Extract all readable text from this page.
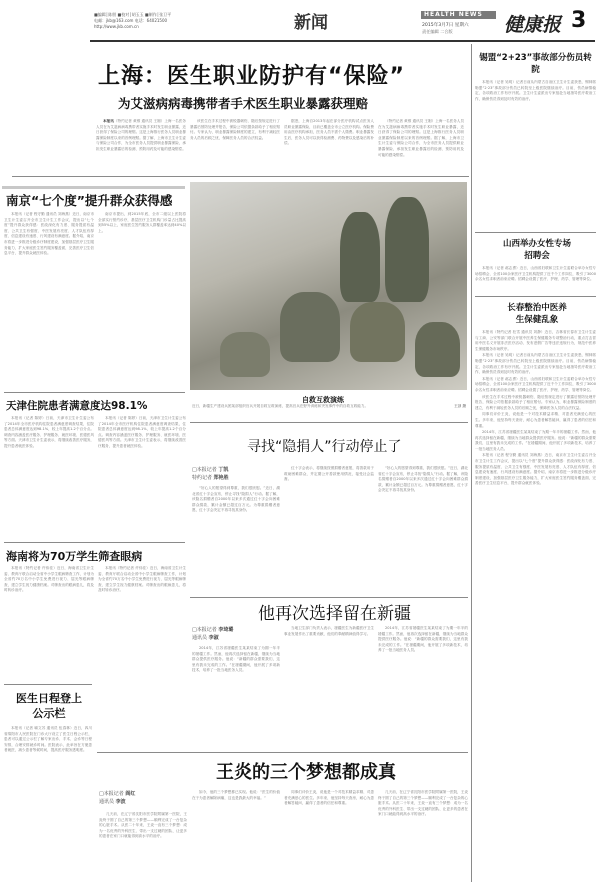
■编辑│陈朋 ■校对│胡玉玉 ■制作│张卫平
电邮：jkb@163.com 电话：64021500
http://www.jkb.com.cn	新闻	HEALTH NEWS
2015年3月7日 星期六
责任编辑 二合版	健康报 3
上海：医生职业防护有“保险”
为艾滋病病毒携带者手术医生职业暴露获理赔

本报讯（特约记者 黄维 通讯员 王刚）上海一名医务人员在为艾滋病病毒携带者实施手术时发生职业暴露，近日获得了保险公司的理赔。这是上海推行医务人员职业暴露保险制度以来的首例理赔。据了解，上海市卫生计生委与保险公司合作，为全市医务人员提供职业暴露保险，承担发生职业暴露后的检测、预防用药及可能的感染赔偿。

该医生在手术过程中被锐器刺伤，随后按规定进行了暴露后预防处理并报告，保险公司依据条款给予了相应赔付。专家认为，职业暴露保险制度的建立，有利于减轻医务人员的后顾之忧，保障医务人员的合法权益。

据悉，上海自2013年起在部分医疗机构试点医务人员职业暴露保险，目前已覆盖全市公立医疗机构。保险费用由医疗机构承担，医务人员不需个人缴费。职业暴露发生后，医务人员可以获得检测费、药物费以及感染后的补偿。

（特约记者 黄维 通讯员 王刚）上海一名医务人员在为艾滋病病毒携带者实施手术时发生职业暴露，近日获得了保险公司的理赔。这是上海推行医务人员职业暴露保险制度以来的首例理赔。据了解，上海市卫生计生委与保险公司合作，为全市医务人员提供职业暴露保险，承担发生职业暴露后的检测、预防用药及可能的感染赔偿。

南京“七个度”提升群众获得感

本报讯（记者 程守勤 通讯员 刘海燕）近日，南京市卫生计生委召开全市卫生计生工作会议，提出以“七个度”提升群众获得感：医改深化有力度、服务提质有温度、公共卫生有强度、中医发展有亮度、人才队伍有厚度、信息建设有速度、行风建设有满意度。据介绍，南京市将进一步推进分级诊疗制度建设，加强基层医疗卫生服务能力，扩大家庭医生签约服务覆盖面，完善医疗卫生信息平台，提升群众就医体验。

南京市提出，到2015年底，全市二级以上医院将全部实行预约诊疗，基层医疗卫生机构门诊量占比提高到55%以上，家庭医生签约服务人群覆盖率达到40%以上。

自救互救演练
近日，新疆生产建设兵团某部组织官兵开展自救互救演练，提高官兵在野外训练和突发事件中的自救互救能力。	王剑 摄
天津住院患者满意度达98.1%

本报讯（记者 陈婷）日前，天津市卫生计生委公布了2014年全市医疗机构住院患者满意度调查结果，住院患者总体满意度达到98.1%，较上年提高1.2个百分点。调查内容涵盖医疗服务、护理服务、就医环境、医德医风等方面。天津市卫生计生委表示，将继续改善医疗服务，提升患者就医体验。

本报讯（记者 陈婷）日前，天津市卫生计生委公布了2014年全市医疗机构住院患者满意度调查结果，住院患者总体满意度达到98.1%，较上年提高1.2个百分点。调查内容涵盖医疗服务、护理服务、就医环境、医德医风等方面。天津市卫生计生委表示，将继续改善医疗服务，提升患者就医体验。

海南将为70万学生筛查眼病

本报讯（特约记者 许伟佳）近日，海南省卫生计生委、教育厅联合启动全省中小学生眼病筛查工作，计划为全省约70万名中小学生免费进行视力、屈光等眼病筛查，建立学生视力健康档案。对筛查出的眼病患儿，将及时转诊治疗。

本报讯（特约记者 许伟佳）近日，海南省卫生计生委、教育厅联合启动全省中小学生眼病筛查工作，计划为全省约70万名中小学生免费进行视力、屈光等眼病筛查，建立学生视力健康档案。对筛查出的眼病患儿，将及时转诊治疗。

医生日程登上公示栏

本报讯（记者 喻文苏 通讯员 伍春林）近日，四川省绵阳市人民医院在门诊大厅设立了医生日程公示栏，患者可以通过公示栏了解专家出诊、手术、会诊等日程安排，合理安排就诊时间。医院表示，此举旨在方便患者就医，减少患者等候时间，提高医疗服务透明度。

寻找“隐捐人”行动停止了
□本报记者 丁凯
特约记者 郑艳胜

“好心人的愿望得到尊重，我们很欣慰。”近日，湖北省红十字会宣布，停止寻找“隐捐人”行动。据了解，该隐名捐赠者自2000年以来多次通过红十字会向困难群众捐款，累计金额已超过百万元。为尊重捐赠者意愿，红十字会决定不再寻找其身份。

红十字会表示，将继续按照捐赠者意愿，将善款用于救助困难群众，并定期公开善款使用情况，接受社会监督。

“好心人的愿望得到尊重，我们很欣慰。”近日，湖北省红十字会宣布，停止寻找“隐捐人”行动。据了解，该隐名捐赠者自2000年以来多次通过红十字会向困难群众捐款，累计金额已超过百万元。为尊重捐赠者意愿，红十字会决定不再寻找其身份。

他再次选择留在新疆
□本报记者 李琦璐
通讯员 李淑

2014年，江苏省援疆医生某某结束了为期一年半的援疆工作。然而，他再次选择留在新疆，继续为当地群众提供医疗服务。他说：“新疆的群众需要我们，这里有我未完成的工作。”在援疆期间，他开展了多项新技术，培养了一批当地医务人员。

当地卫生部门负责人表示，援疆医生为新疆医疗卫生事业发展作出了重要贡献，他们的奉献精神值得学习。

2014年，江苏省援疆医生某某结束了为期一年半的援疆工作。然而，他再次选择留在新疆，继续为当地群众提供医疗服务。他说：“新疆的群众需要我们，这里有我未完成的工作。”在援疆期间，他开展了多项新技术，培养了一批当地医务人员。

王炎的三个梦想都成真
□本报记者 阎红
通讯员 李波

几天前，在辽宁省沈阳市医学院附属第一医院，王炎终于圆了自己的第三个梦想——顺利完成了一台复杂的心脏手术。从医二十年来，王炎一直有三个梦想：成为一名优秀的外科医生、带出一支过硬的团队、让更多的患者在家门口就能得到高水平的治疗。

如今，他的三个梦想都已实现。他说：“医生的价值在于为患者解除病痛，这也是我最大的幸福。”

同事们评价王炎，说他是一个对技术精益求精、对患者充满爱心的医生。多年来，他坚持每天查房，耐心为患者解答疑问，赢得了患者的信任和尊重。

几天前，在辽宁省沈阳市医学院附属第一医院，王炎终于圆了自己的第三个梦想——顺利完成了一台复杂的心脏手术。从医二十年来，王炎一直有三个梦想：成为一名优秀的外科医生、带出一支过硬的团队、让更多的患者在家门口就能得到高水平的治疗。

锡盟“2+23”事故部分伤员转院

本报讯（记者 吴明）记者日前从内蒙古自治区卫生计生委获悉，锡林郭勒盟“2·23”事故部分伤员已转院至上级医院继续治疗。目前，伤员病情稳定，各项救治工作有序开展。卫生计生委派出专家组赴当地指导医疗救治工作，确保伤员得到及时有效的治疗。

山西举办女性专场招聘会

本报讯（记者 郝志勇）近日，山西省妇联和卫生计生委联合举办女性专场招聘会，全省100余家医疗卫生机构提供了近千个工作岗位，吸引了3000余名女性求职者前来应聘。招聘会设置了医疗、护理、药学、管理等岗位。

长春整治中医养生保健乱象

本报讯（特约记者 杜雪 通讯员 刘静）近日，吉林省长春市卫生计生委与工商、公安等部门联合开展中医养生保健服务专项整治行动，重点打击冒用中医名义开展非法医疗活动、发布虚假广告等违法违规行为，规范中医养生保健服务市场秩序。

本报讯（记者 吴明）记者日前从内蒙古自治区卫生计生委获悉，锡林郭勒盟“2·23”事故部分伤员已转院至上级医院继续治疗。目前，伤员病情稳定，各项救治工作有序开展。卫生计生委派出专家组赴当地指导医疗救治工作，确保伤员得到及时有效的治疗。

本报讯（记者 郝志勇）近日，山西省妇联和卫生计生委联合举办女性专场招聘会，全省100余家医疗卫生机构提供了近千个工作岗位，吸引了3000余名女性求职者前来应聘。招聘会设置了医疗、护理、药学、管理等岗位。

该医生在手术过程中被锐器刺伤，随后按规定进行了暴露后预防处理并报告，保险公司依据条款给予了相应赔付。专家认为，职业暴露保险制度的建立，有利于减轻医务人员的后顾之忧，保障医务人员的合法权益。

同事们评价王炎，说他是一个对技术精益求精、对患者充满爱心的医生。多年来，他坚持每天查房，耐心为患者解答疑问，赢得了患者的信任和尊重。

2014年，江苏省援疆医生某某结束了为期一年半的援疆工作。然而，他再次选择留在新疆，继续为当地群众提供医疗服务。他说：“新疆的群众需要我们，这里有我未完成的工作。”在援疆期间，他开展了多项新技术，培养了一批当地医务人员。

本报讯（记者 程守勤 通讯员 刘海燕）近日，南京市卫生计生委召开全市卫生计生工作会议，提出以“七个度”提升群众获得感：医改深化有力度、服务提质有温度、公共卫生有强度、中医发展有亮度、人才队伍有厚度、信息建设有速度、行风建设有满意度。据介绍，南京市将进一步推进分级诊疗制度建设，加强基层医疗卫生服务能力，扩大家庭医生签约服务覆盖面，完善医疗卫生信息平台，提升群众就医体验。
